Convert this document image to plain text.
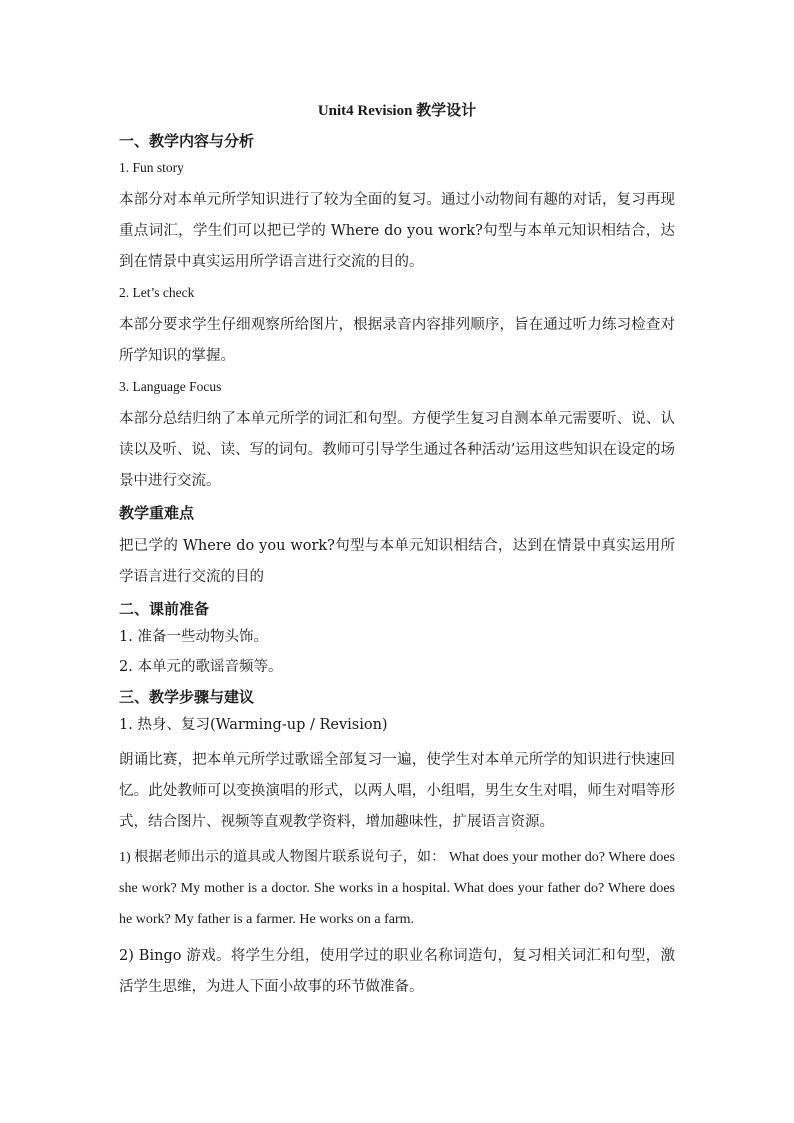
Unit4 Revision 教学设计
一、教学内容与分析
1. Fun story
本部分对本单元所学知识进行了较为全面的复习。通过小动物间有趣的对话，复习再现重点词汇，学生们可以把已学的 Where do you work?句型与本单元知识相结合，达到在情景中真实运用所学语言进行交流的目的。
2. Let’s check
本部分要求学生仔细观察所给图片，根据录音内容排列顺序，旨在通过听力练习检查对所学知识的掌握。
3. Language Focus
本部分总结归纳了本单元所学的词汇和句型。方便学生复习自测本单元需要听、说、认读以及听、说、读、写的词句。教师可引导学生通过各种活动’运用这些知识在设定的场景中进行交流。
教学重难点
把已学的 Where do you work?句型与本单元知识相结合，达到在情景中真实运用所学语言进行交流的目的
二、课前准备
1. 准备一些动物头饰。
2. 本单元的歌谣音频等。
三、教学步骤与建议
1. 热身、复习(Warming-up / Revision)
朗诵比赛，把本单元所学过歌谣全部复习一遍，使学生对本单元所学的知识进行快速回忆。此处教师可以变换演唱的形式，以两人唱，小组唱，男生女生对唱，师生对唱等形式，结合图片、视频等直观教学资料，增加趣味性，扩展语言资源。
1) 根据老师出示的道具或人物图片联系说句子，如： What does your mother do? Where does she work? My mother is a doctor. She works in a hospital. What does your father do? Where does he work? My father is a farmer. He works on a farm.
2) Bingo 游戏。将学生分组，使用学过的职业名称词造句，复习相关词汇和句型，激活学生思维，为进人下面小故事的环节做准备。
